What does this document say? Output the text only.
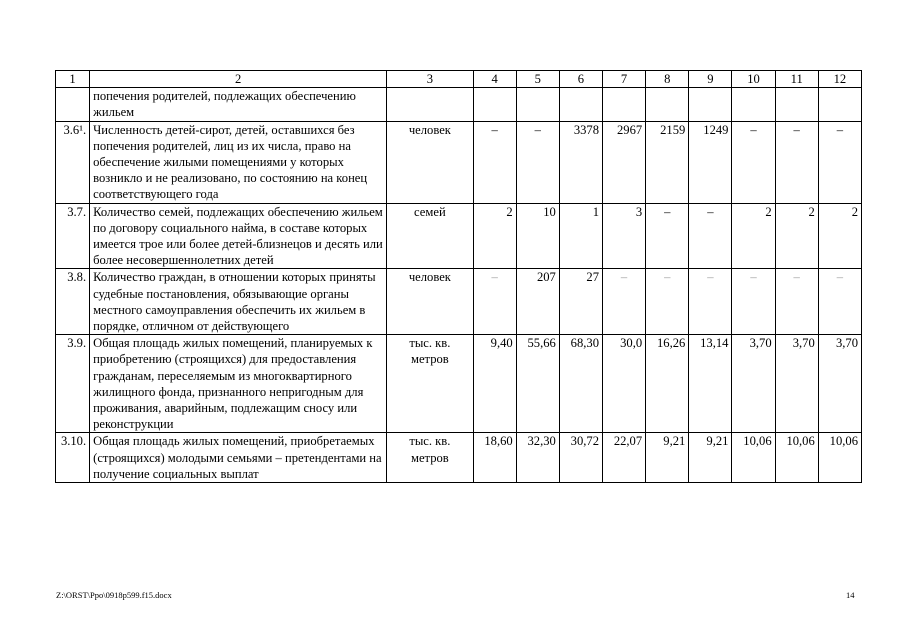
1	2	3	4	5	6	7	8	9	10	11	12
	попечения родителей, подлежащих обеспечению жильем										
3.6¹.	Численность детей-сирот, детей, оставшихся без попечения родителей, лиц из их числа, право на обеспечение жилыми помещениями у которых возникло и не реализовано, по состоянию на конец соответствующего года	человек	–	–	3378	2967	2159	1249	–	–	–
3.7.	Количество семей, подлежащих обеспечению жильем по договору социального найма, в составе которых имеется трое или более детей-близнецов и десять или более несовершеннолетних детей	семей	2	10	1	3	–	–	2	2	2
3.8.	Количество граждан, в отношении которых приняты судебные постановления, обязывающие органы местного самоуправления обеспечить их жильем в порядке, отличном от действующего	человек	–	207	27	–	–	–	–	–	–
3.9.	Общая площадь жилых помещений, планируемых к приобретению (строящихся) для предоставления гражданам, переселяемым из многоквартирного жилищного фонда, признанного непригодным для проживания, аварийным, подлежащим сносу или реконструкции	тыс. кв. метров	9,40	55,66	68,30	30,0	16,26	13,14	3,70	3,70	3,70
3.10.	Общая площадь жилых помещений, приобретаемых (строящихся) молодыми семьями – претендентами на получение социальных выплат	тыс. кв. метров	18,60	32,30	30,72	22,07	9,21	9,21	10,06	10,06	10,06
Z:\ORST\Ppo\0918p599.f15.docx	14
